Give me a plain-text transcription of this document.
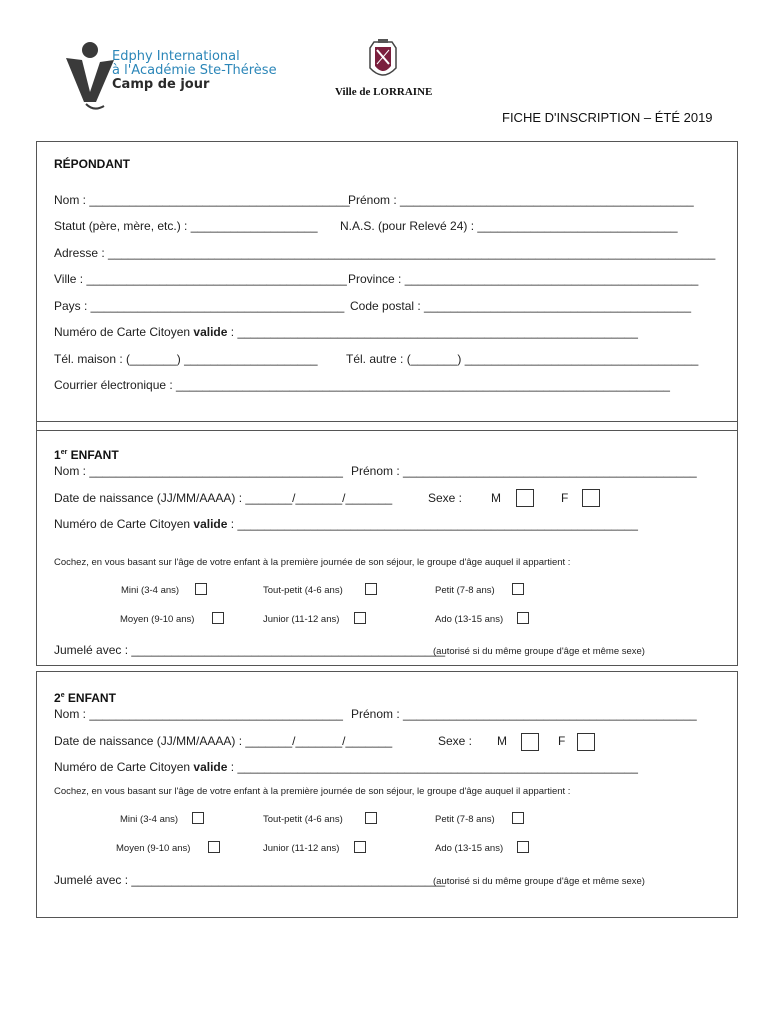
Edphy International
à l'Académie Ste-Thérèse
Camp de jour	Ville de LORRAINE
FICHE D'INSCRIPTION – ÉTÉ 2019
RÉPONDANT
Nom : _______________________________________
Prénom : ____________________________________________
Statut (père, mère, etc.) : ___________________ N.A.S. (pour Relevé 24) : ______________________________
Adresse : ___________________________________________________________________________________________
Ville : _______________________________________ Province : ____________________________________________
Pays : ______________________________________ Code postal : ________________________________________
Numéro de Carte Citoyen valide : ____________________________________________________________
Tél. maison : (_______) ____________________ Tél. autre : (_______) ___________________________________
Courrier électronique : __________________________________________________________________________
1er ENFANT
Nom : ______________________________________ Prénom : ____________________________________________
Date de naissance (JJ/MM/AAAA) : _______/_______/_______	Sexe : M	F
Numéro de Carte Citoyen valide : ____________________________________________________________
Cochez, en vous basant sur l'âge de votre enfant à la première journée de son séjour, le groupe d'âge auquel il appartient :
Mini (3-4 ans)	Tout-petit (4-6 ans)	Petit (7-8 ans)
Moyen (9-10 ans)	Junior (11-12 ans)	Ado (13-15 ans)
Jumelé avec : _______________________________________________
(autorisé si du même groupe d'âge et même sexe)
2e ENFANT
Nom : ______________________________________ Prénom : ____________________________________________
Date de naissance (JJ/MM/AAAA) : _______/_______/_______	Sexe : M	F
Numéro de Carte Citoyen valide : ____________________________________________________________
Cochez, en vous basant sur l'âge de votre enfant à la première journée de son séjour, le groupe d'âge auquel il appartient :
Mini (3-4 ans)	Tout-petit (4-6 ans)	Petit (7-8 ans)
Moyen (9-10 ans)	Junior (11-12 ans)	Ado (13-15 ans)
Jumelé avec : _______________________________________________
(autorisé si du même groupe d'âge et même sexe)
